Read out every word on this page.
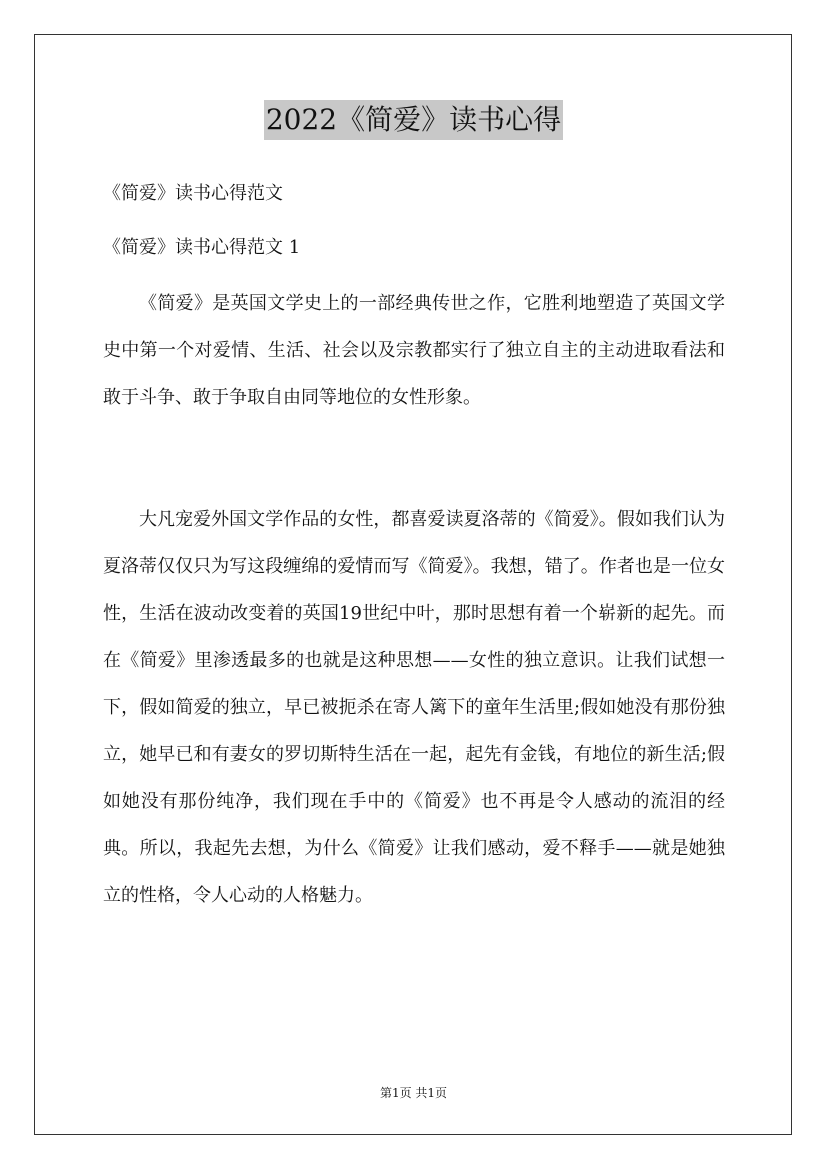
2022《简爱》读书心得
《简爱》读书心得范文
《简爱》读书心得范文 1
《简爱》是英国文学史上的一部经典传世之作，它胜利地塑造了英国文学史中第一个对爱情、生活、社会以及宗教都实行了独立自主的主动进取看法和敢于斗争、敢于争取自由同等地位的女性形象。
大凡宠爱外国文学作品的女性，都喜爱读夏洛蒂的《简爱》。假如我们认为夏洛蒂仅仅只为写这段缠绵的爱情而写《简爱》。我想，错了。作者也是一位女性，生活在波动改变着的英国19世纪中叶，那时思想有着一个崭新的起先。而在《简爱》里渗透最多的也就是这种思想——女性的独立意识。让我们试想一下，假如简爱的独立，早已被扼杀在寄人篱下的童年生活里;假如她没有那份独立，她早已和有妻女的罗切斯特生活在一起，起先有金钱，有地位的新生活;假如她没有那份纯净，我们现在手中的《简爱》也不再是令人感动的流泪的经典。所以，我起先去想，为什么《简爱》让我们感动，爱不释手——就是她独立的性格，令人心动的人格魅力。
第1页 共1页
